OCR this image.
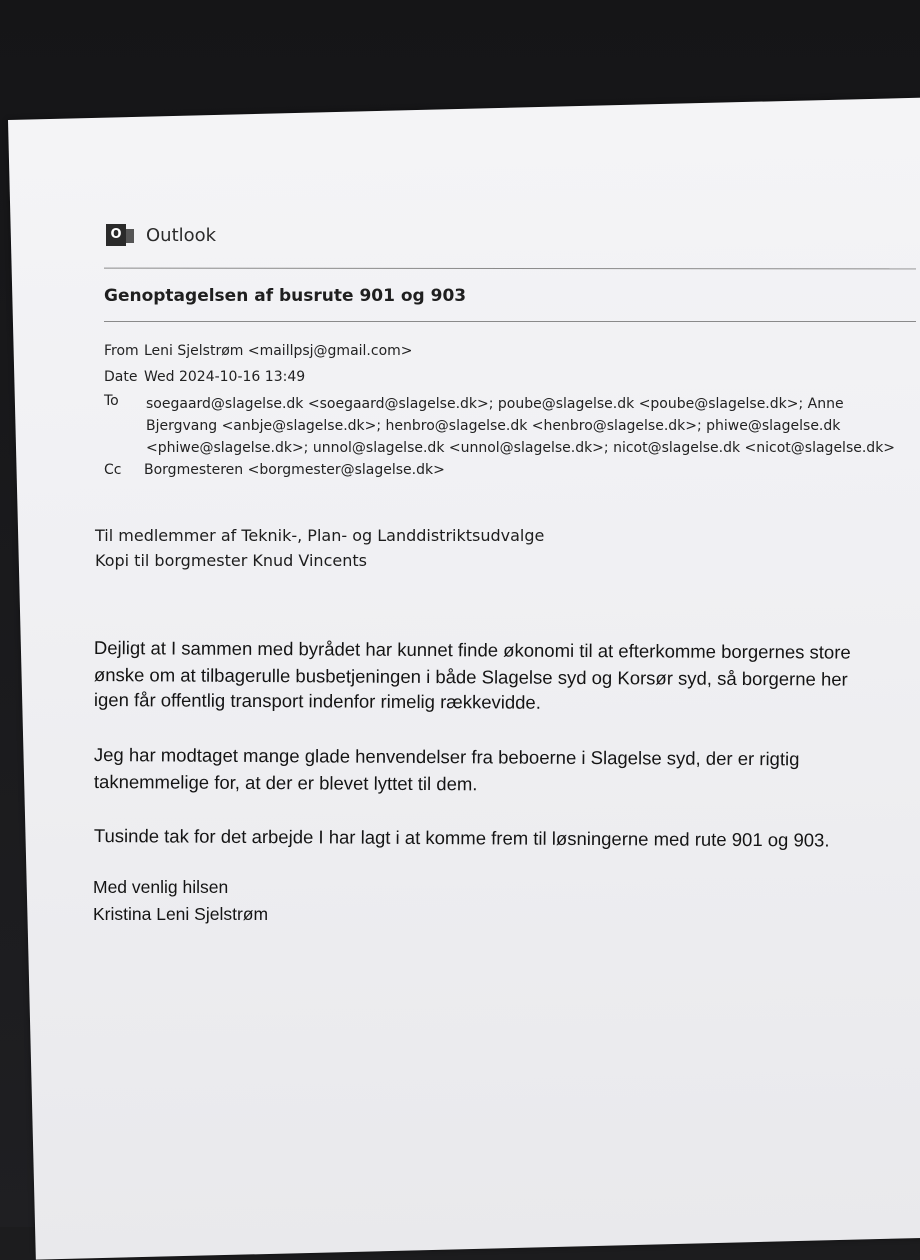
O Outlook
Genoptagelsen af busrute 901 og 903
From Leni Sjelstrøm <maillpsj@gmail.com>
Date Wed 2024-10-16 13:49
To soegaard@slagelse.dk <soegaard@slagelse.dk>; poube@slagelse.dk <poube@slagelse.dk>; Anne
Bjergvang <anbje@slagelse.dk>; henbro@slagelse.dk <henbro@slagelse.dk>; phiwe@slagelse.dk
<phiwe@slagelse.dk>; unnol@slagelse.dk <unnol@slagelse.dk>; nicot@slagelse.dk <nicot@slagelse.dk>
Cc Borgmesteren <borgmester@slagelse.dk>
Til medlemmer af Teknik-, Plan- og Landdistriktsudvalge
Kopi til borgmester Knud Vincents
Dejligt at I sammen med byrådet har kunnet finde økonomi til at efterkomme borgernes store
ønske om at tilbagerulle busbetjeningen i både Slagelse syd og Korsør syd, så borgerne her
igen får offentlig transport indenfor rimelig rækkevidde.
Jeg har modtaget mange glade henvendelser fra beboerne i Slagelse syd, der er rigtig
taknemmelige for, at der er blevet lyttet til dem.
Tusinde tak for det arbejde I har lagt i at komme frem til løsningerne med rute 901 og 903.
Med venlig hilsen
Kristina Leni Sjelstrøm
